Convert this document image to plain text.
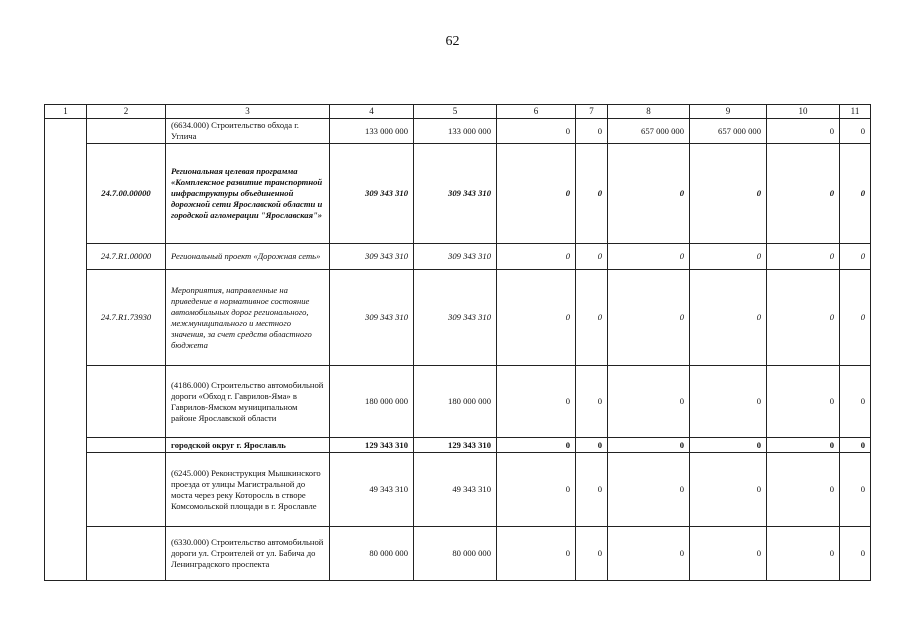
62
1	2	3	4	5	6	7	8	9	10	11
		(6634.000) Строительство обхода г. Углича	133 000 000	133 000 000	0	0	657 000 000	657 000 000	0	0
	24.7.00.00000	Региональная целевая программа «Комплексное развитие транспортной инфраструктуры объединенной дорожной сети Ярославской области и городской агломерации "Ярославская"»	309 343 310	309 343 310	0	0	0	0	0	0
	24.7.R1.00000	Региональный проект «Дорожная сеть»	309 343 310	309 343 310	0	0	0	0	0	0
	24.7.R1.73930	Мероприятия, направленные на приведение в нормативное состояние автомобильных дорог регионального, межмуниципального и местного значения, за счет средств областного бюджета	309 343 310	309 343 310	0	0	0	0	0	0
		(4186.000) Строительство автомобильной дороги «Обход г. Гаврилов-Яма» в Гаврилов-Ямском муниципальном районе Ярославской области	180 000 000	180 000 000	0	0	0	0	0	0
		городской округ г. Ярославль	129 343 310	129 343 310	0	0	0	0	0	0
		(6245.000) Реконструкция Мышкинского проезда от улицы Магистральной до моста через реку Которосль в створе Комсомольской площади в г. Ярославле	49 343 310	49 343 310	0	0	0	0	0	0
		(6330.000) Строительство автомобильной дороги ул. Строителей от ул. Бабича до Ленинградского проспекта	80 000 000	80 000 000	0	0	0	0	0	0
